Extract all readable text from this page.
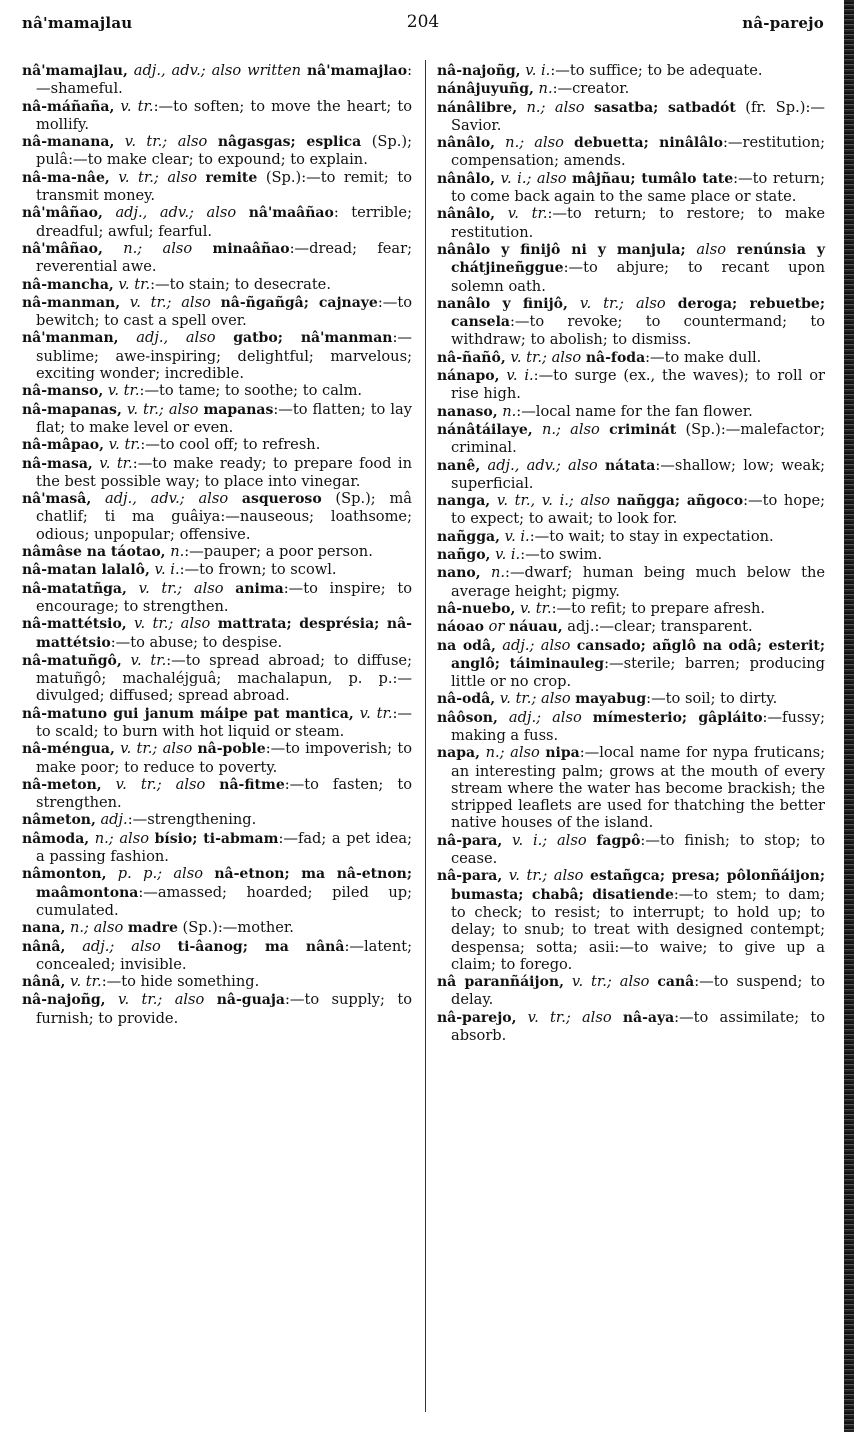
nâ'mamajlau	204	nâ-parejo

nâ'mamajlau, adj., adv.; also written nâ'mamajlao:—shameful.

nâ-máñaña, v. tr.:—to soften; to move the heart; to mollify.

nâ-manana, v. tr.; also nâgasgas; esplica (Sp.); pulâ:—to make clear; to expound; to explain.

nâ-ma-nâe, v. tr.; also remite (Sp.):—to remit; to transmit money.

nâ'mâñao, adj., adv.; also nâ'maâñao: terrible; dreadful; awful; fearful.

nâ'mâñao, n.; also minaâñao:—dread; fear; reverential awe.

nâ-mancha, v. tr.:—to stain; to desecrate.

nâ-manman, v. tr.; also nâ-ñgañgâ; cajnaye:—to bewitch; to cast a spell over.

nâ'manman, adj., also gatbo; nâ'manman:—sublime; awe-inspiring; delightful; marvelous; exciting wonder; incredible.

nâ-manso, v. tr.:—to tame; to soothe; to calm.

nâ-mapanas, v. tr.; also mapanas:—to flatten; to lay flat; to make level or even.

nâ-mâpao, v. tr.:—to cool off; to refresh.

nâ-masa, v. tr.:—to make ready; to prepare food in the best possible way; to place into vinegar.

nâ'masâ, adj., adv.; also asqueroso (Sp.); mâ chatlif; ti ma guâiya:—nauseous; loathsome; odious; unpopular; offensive.

nâmâse na táotao, n.:—pauper; a poor person.

nâ-matan lalalô, v. i.:—to frown; to scowl.

nâ-matatñga, v. tr.; also anima:—to inspire; to encourage; to strengthen.

nâ-mattétsio, v. tr.; also mattrata; desprésia; nâ-mattétsio:—to abuse; to despise.

nâ-matuñgô, v. tr.:—to spread abroad; to diffuse; matuñgô; machaléjguâ; machalapun, p. p.:—divulged; diffused; spread abroad.

nâ-matuno gui janum máipe pat mantica, v. tr.:—to scald; to burn with hot liquid or steam.

nâ-méngua, v. tr.; also nâ-poble:—to impoverish; to make poor; to reduce to poverty.

nâ-meton, v. tr.; also nâ-fitme:—to fasten; to strengthen.

nâmeton, adj.:—strengthening.

nâmoda, n.; also bísio; ti-abmam:—fad; a pet idea; a passing fashion.

nâmonton, p. p.; also nâ-etnon; ma nâ-etnon; maâmontona:—amassed; hoarded; piled up; cumulated.

nana, n.; also madre (Sp.):—mother.

nânâ, adj.; also ti-âanog; ma nânâ:—latent; concealed; invisible.

nânâ, v. tr.:—to hide something.

nâ-najoñg, v. tr.; also nâ-guaja:—to supply; to furnish; to provide.

nâ-najoñg, v. i.:—to suffice; to be adequate.

nánâjuyuñg, n.:—creator.

nánâlibre, n.; also sasatba; satbadót (fr. Sp.):—Savior.

nânâlo, n.; also debuetta; ninâlâlo:—restitution; compensation; amends.

nânâlo, v. i.; also mâjñau; tumâlo tate:—to return; to come back again to the same place or state.

nânâlo, v. tr.:—to return; to restore; to make restitution.

nânâlo y finijô ni y manjula; also renúnsia y chátjineñggue:—to abjure; to recant upon solemn oath.

nanâlo y finijô, v. tr.; also deroga; rebuetbe; cansela:—to revoke; to countermand; to withdraw; to abolish; to dismiss.

nâ-ñañô, v. tr.; also nâ-foda:—to make dull.

nánapo, v. i.:—to surge (ex., the waves); to roll or rise high.

nanaso, n.:—local name for the fan flower.

nánâtáilaye, n.; also criminát (Sp.):—malefactor; criminal.

nanê, adj., adv.; also nátata:—shallow; low; weak; superficial.

nanga, v. tr., v. i.; also nañgga; añgoco:—to hope; to expect; to await; to look for.

nañgga, v. i.:—to wait; to stay in expectation.

nañgo, v. i.:—to swim.

nano, n.:—dwarf; human being much below the average height; pigmy.

nâ-nuebo, v. tr.:—to refit; to prepare afresh.

náoao or náuau, adj.:—clear; transparent.

na odâ, adj.; also cansado; añglô na odâ; esterit; anglô; táiminauleg:—sterile; barren; producing little or no crop.

nâ-odâ, v. tr.; also mayabug:—to soil; to dirty.

nâôson, adj.; also mímesterio; gâpláito:—fussy; making a fuss.

napa, n.; also nipa:—local name for nypa fruticans; an interesting palm; grows at the mouth of every stream where the water has become brackish; the stripped leaflets are used for thatching the better native houses of the island.

nâ-para, v. i.; also fagpô:—to finish; to stop; to cease.

nâ-para, v. tr.; also estañgca; presa; pôlonñáijon; bumasta; chabâ; disatiende:—to stem; to dam; to check; to resist; to interrupt; to hold up; to delay; to snub; to treat with designed contempt; despensa; sotta; asii:—to waive; to give up a claim; to forego.

nâ paranñáijon, v. tr.; also canâ:—to suspend; to delay.

nâ-parejo, v. tr.; also nâ-aya:—to assimilate; to absorb.
